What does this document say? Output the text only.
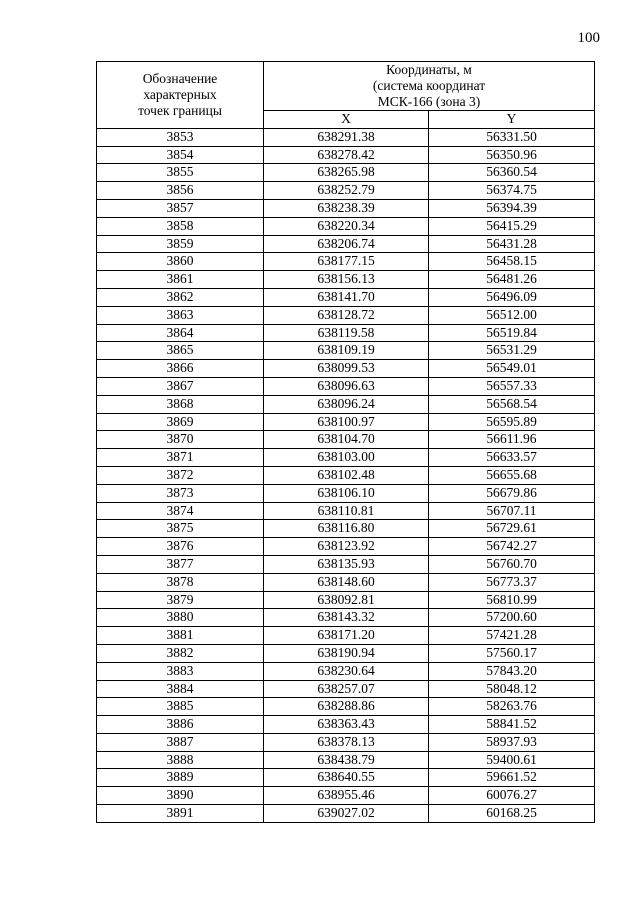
100
Обозначение
характерных
точек границы	Координаты, м
(система координат
МСК-166 (зона 3)	

	X	Y
3853	638291.38	56331.50
3854	638278.42	56350.96
3855	638265.98	56360.54
3856	638252.79	56374.75
3857	638238.39	56394.39
3858	638220.34	56415.29
3859	638206.74	56431.28
3860	638177.15	56458.15
3861	638156.13	56481.26
3862	638141.70	56496.09
3863	638128.72	56512.00
3864	638119.58	56519.84
3865	638109.19	56531.29
3866	638099.53	56549.01
3867	638096.63	56557.33
3868	638096.24	56568.54
3869	638100.97	56595.89
3870	638104.70	56611.96
3871	638103.00	56633.57
3872	638102.48	56655.68
3873	638106.10	56679.86
3874	638110.81	56707.11
3875	638116.80	56729.61
3876	638123.92	56742.27
3877	638135.93	56760.70
3878	638148.60	56773.37
3879	638092.81	56810.99
3880	638143.32	57200.60
3881	638171.20	57421.28
3882	638190.94	57560.17
3883	638230.64	57843.20
3884	638257.07	58048.12
3885	638288.86	58263.76
3886	638363.43	58841.52
3887	638378.13	58937.93
3888	638438.79	59400.61
3889	638640.55	59661.52
3890	638955.46	60076.27
3891	639027.02	60168.25
